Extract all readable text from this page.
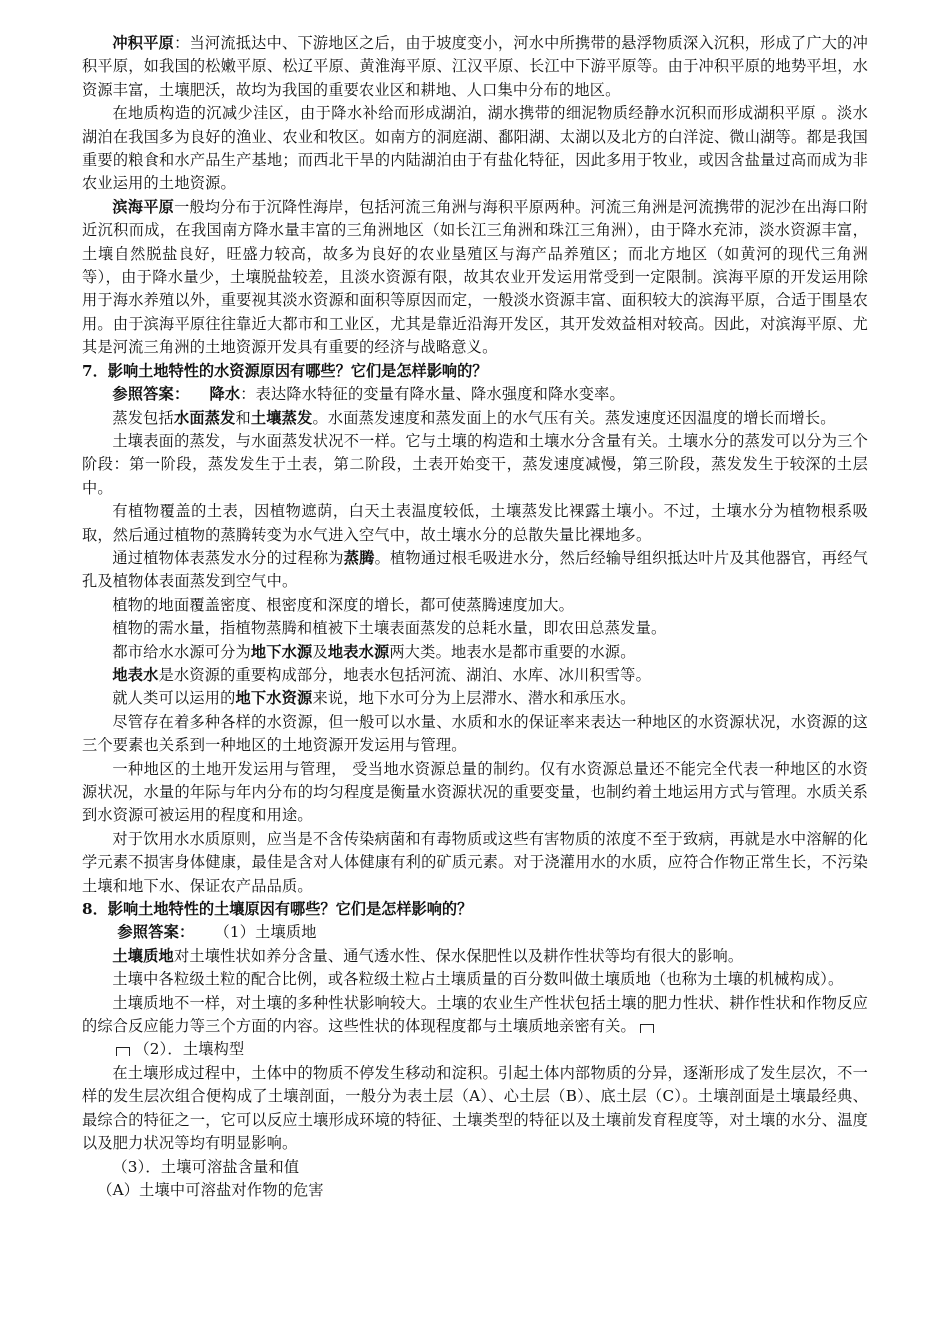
冲积平原：当河流抵达中、下游地区之后，由于坡度变小，河水中所携带的悬浮物质深入沉积，形成了广大的冲积平原，如我国的松嫩平原、松辽平原、黄淮海平原、江汉平原、长江中下游平原等。由于冲积平原的地势平坦，水资源丰富，土壤肥沃，故均为我国的重要农业区和耕地、人口集中分布的地区。

在地质构造的沉减少洼区，由于降水补给而形成湖泊，湖水携带的细泥物质经静水沉积而形成湖积平原 。淡水湖泊在我国多为良好的渔业、农业和牧区。如南方的洞庭湖、鄱阳湖、太湖以及北方的白洋淀、微山湖等。都是我国重要的粮食和水产品生产基地；而西北干旱的内陆湖泊由于有盐化特征，因此多用于牧业，或因含盐量过高而成为非农业运用的土地资源。

滨海平原一般均分布于沉降性海岸，包括河流三角洲与海积平原两种。河流三角洲是河流携带的泥沙在出海口附近沉积而成，在我国南方降水量丰富的三角洲地区（如长江三角洲和珠江三角洲），由于降水充沛，淡水资源丰富，土壤自然脱盐良好，旺盛力较高，故多为良好的农业垦殖区与海产品养殖区；而北方地区（如黄河的现代三角洲等），由于降水量少，土壤脱盐较差，且淡水资源有限，故其农业开发运用常受到一定限制。滨海平原的开发运用除用于海水养殖以外，重要视其淡水资源和面积等原因而定，一般淡水资源丰富、面积较大的滨海平原，合适于围垦农用。由于滨海平原往往靠近大都市和工业区，尤其是靠近沿海开发区，其开发效益相对较高。因此，对滨海平原、尤其是河流三角洲的土地资源开发具有重要的经济与战略意义。

7．影响土地特性的水资源原因有哪些？它们是怎样影响的？

参照答案： 降水：表达降水特征的变量有降水量、降水强度和降水变率。

蒸发包括水面蒸发和土壤蒸发。水面蒸发速度和蒸发面上的水气压有关。蒸发速度还因温度的增长而增长。

土壤表面的蒸发，与水面蒸发状况不一样。它与土壤的构造和土壤水分含量有关。土壤水分的蒸发可以分为三个阶段：第一阶段，蒸发发生于土表，第二阶段，土表开始变干，蒸发速度减慢，第三阶段，蒸发发生于较深的土层中。

有植物覆盖的土表，因植物遮荫，白天土表温度较低，土壤蒸发比裸露土壤小。不过，土壤水分为植物根系吸取，然后通过植物的蒸腾转变为水气进入空气中，故土壤水分的总散失量比裸地多。

通过植物体表蒸发水分的过程称为蒸腾。植物通过根毛吸进水分，然后经输导组织抵达叶片及其他器官，再经气孔及植物体表面蒸发到空气中。

植物的地面覆盖密度、根密度和深度的增长，都可使蒸腾速度加大。

植物的需水量，指植物蒸腾和植被下土壤表面蒸发的总耗水量，即农田总蒸发量。

都市给水水源可分为地下水源及地表水源两大类。地表水是都市重要的水源。

地表水是水资源的重要构成部分，地表水包括河流、湖泊、水库、冰川积雪等。

就人类可以运用的地下水资源来说，地下水可分为上层滞水、潜水和承压水。

尽管存在着多种各样的水资源，但一般可以水量、水质和水的保证率来表达一种地区的水资源状况，水资源的这三个要素也关系到一种地区的土地资源开发运用与管理。

一种地区的土地开发运用与管理， 受当地水资源总量的制约。仅有水资源总量还不能完全代表一种地区的水资源状况，水量的年际与年内分布的均匀程度是衡量水资源状况的重要变量，也制约着土地运用方式与管理。水质关系到水资源可被运用的程度和用途。

对于饮用水水质原则，应当是不含传染病菌和有毒物质或这些有害物质的浓度不至于致病，再就是水中溶解的化学元素不损害身体健康，最佳是含对人体健康有利的矿质元素。对于浇灌用水的水质，应符合作物正常生长，不污染土壤和地下水、保证农产品品质。

8．影响土地特性的土壤原因有哪些？它们是怎样影响的？

参照答案： （1）土壤质地

土壤质地对土壤性状如养分含量、通气透水性、保水保肥性以及耕作性状等均有很大的影响。

土壤中各粒级土粒的配合比例，或各粒级土粒占土壤质量的百分数叫做土壤质地（也称为土壤的机械构成）。

土壤质地不一样，对土壤的多种性状影响较大。土壤的农业生产性状包括土壤的肥力性状、耕作性状和作物反应的综合反应能力等三个方面的内容。这些性状的体现程度都与土壤质地亲密有关。

（2）．土壤构型

在土壤形成过程中，土体中的物质不停发生移动和淀积。引起土体内部物质的分异，逐渐形成了发生层次，不一样的发生层次组合便构成了土壤剖面，一般分为表土层（A）、心土层（B）、底土层（C）。土壤剖面是土壤最经典、最综合的特征之一，它可以反应土壤形成环境的特征、土壤类型的特征以及土壤前发育程度等，对土壤的水分、温度以及肥力状况等均有明显影响。

（3）．土壤可溶盐含量和值

（A）土壤中可溶盐对作物的危害
